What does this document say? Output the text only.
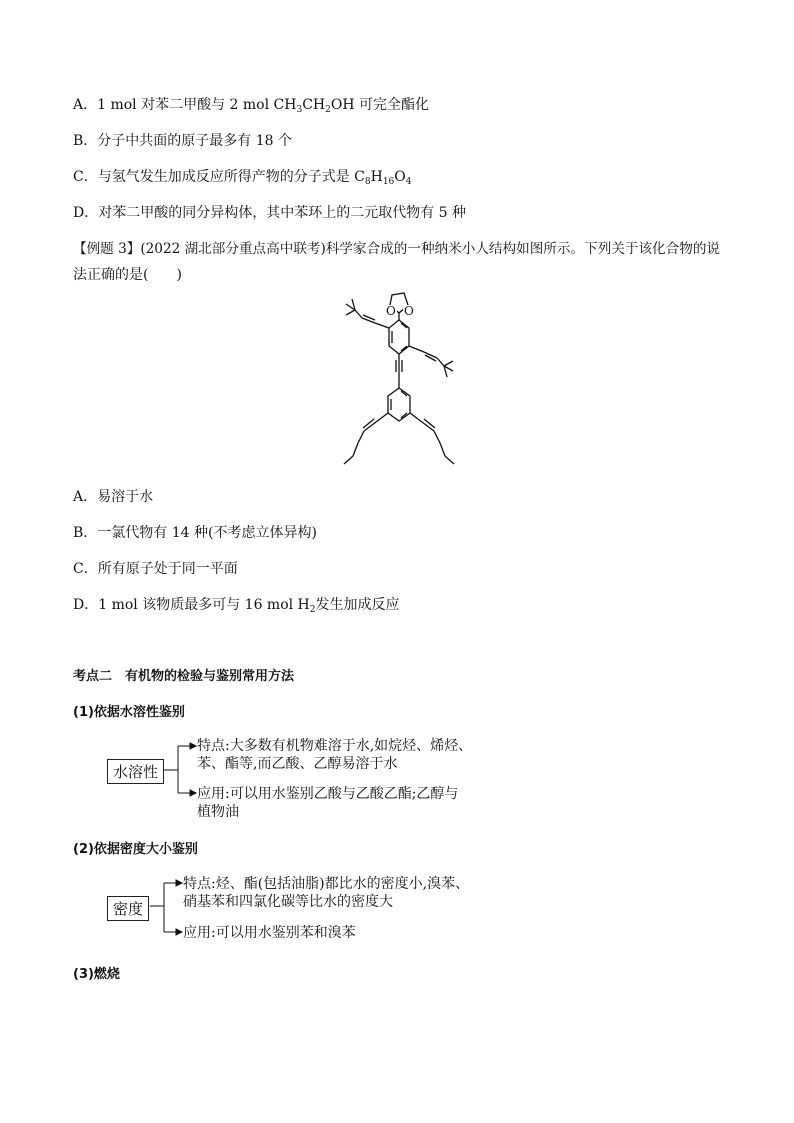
A．1 mol 对苯二甲酸与 2 mol $CH_3CH_2OH$ 可完全酯化
B．分子中共面的原子最多有 18 个
C．与氢气发生加成反应所得产物的分子式是 $C_8H_{16}O_4$
D．对苯二甲酸的同分异构体，其中苯环上的二元取代物有 5 种
【例题 3】(2022 湖北部分重点高中联考)科学家合成的一种纳米小人结构如图所示。下列关于该化合物的说
法正确的是(　　)
O O
A．易溶于水
B．一氯代物有 14 种(不考虑立体异构)
C．所有原子处于同一平面
D．1 mol 该物质最多可与 16 mol $H_2$发生加成反应
考点二　有机物的检验与鉴别常用方法
(1)依据水溶性鉴别
水溶性
特点:大多数有机物难溶于水,如烷烃、烯烃、
苯、酯等,而乙酸、乙醇易溶于水
应用:可以用水鉴别乙酸与乙酸乙酯;乙醇与
植物油
(2)依据密度大小鉴别
密度
特点:烃、酯(包括油脂)都比水的密度小,溴苯、
硝基苯和四氯化碳等比水的密度大
应用:可以用水鉴别苯和溴苯
(3)燃烧
